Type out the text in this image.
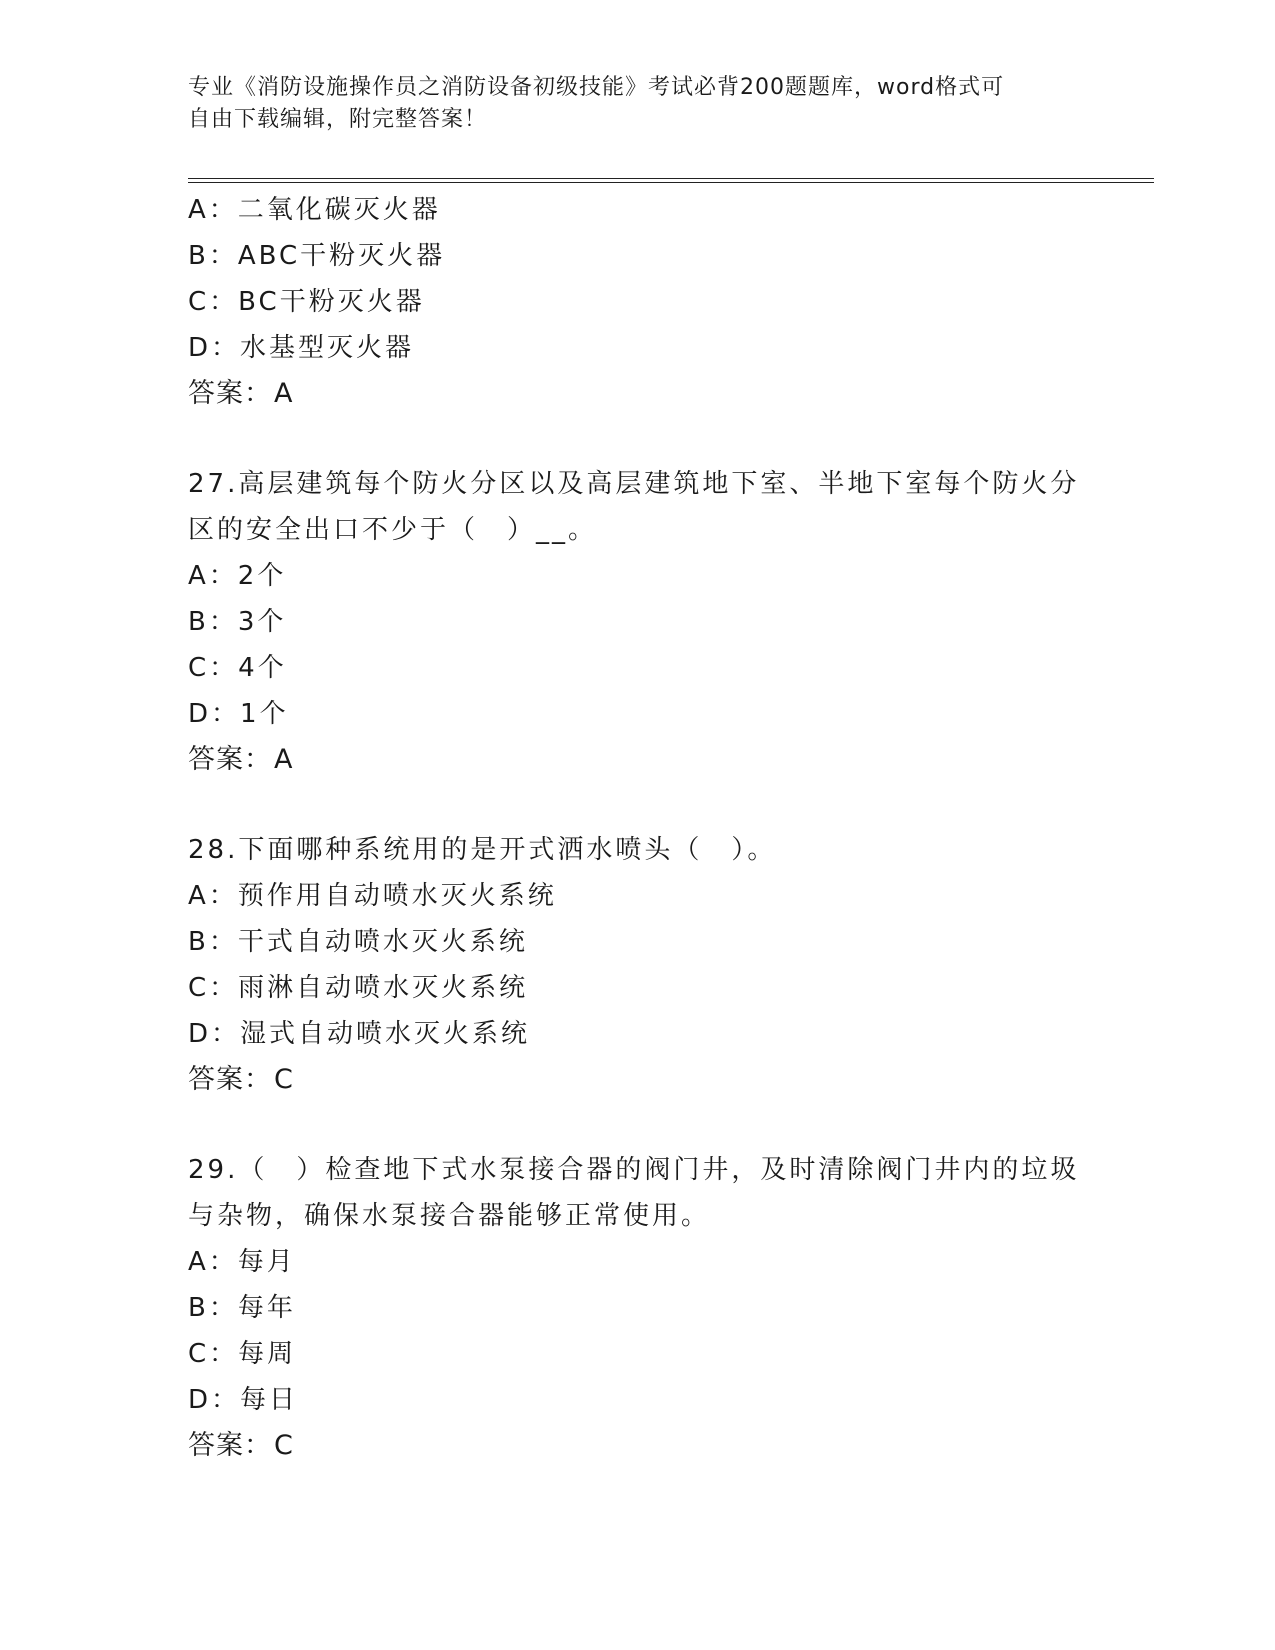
专业《消防设施操作员之消防设备初级技能》考试必背200题题库，word格式可
自由下载编辑，附完整答案！
A：二氧化碳灭火器
B：ABC干粉灭火器
C：BC干粉灭火器
D：水基型灭火器
答案：A
27.高层建筑每个防火分区以及高层建筑地下室、半地下室每个防火分
区的安全出口不少于（　）__。
A：2个
B：3个
C：4个
D：1个
答案：A
28.下面哪种系统用的是开式洒水喷头（　）。
A：预作用自动喷水灭火系统
B：干式自动喷水灭火系统
C：雨淋自动喷水灭火系统
D：湿式自动喷水灭火系统
答案：C
29.（　）检查地下式水泵接合器的阀门井，及时清除阀门井内的垃圾
与杂物，确保水泵接合器能够正常使用。
A：每月
B：每年
C：每周
D：每日
答案：C
